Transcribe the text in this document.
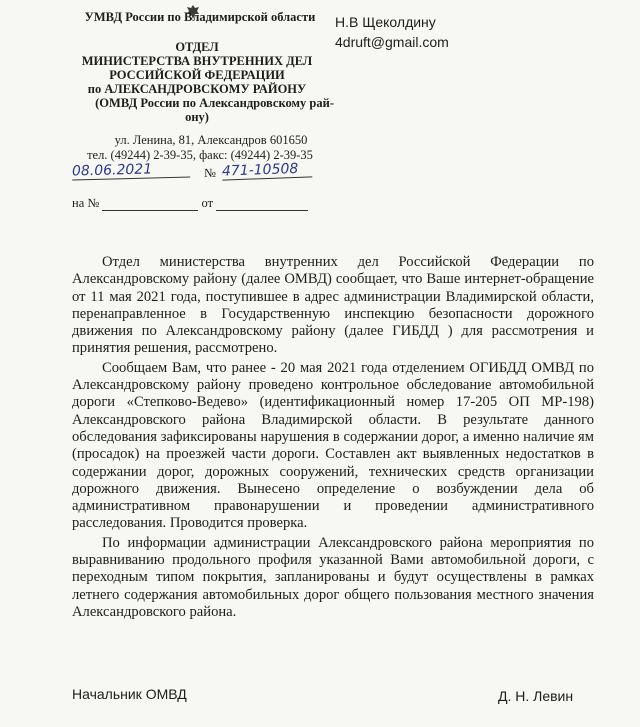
УМВД России по Владимирской области
ОТДЕЛ
МИНИСТЕРСТВА ВНУТРЕННИХ ДЕЛ
РОССИЙСКОЙ ФЕДЕРАЦИИ
по АЛЕКСАНДРОВСКОМУ РАЙОНУ
(ОМВД России по Александровскому рай-
ону)
ул. Ленина, 81, Александров 601650
тел. (49244) 2-39-35, факс: (49244) 2-39-35
Н.В Щеколдину
4druft@gmail.com
08.06.2021	№ 471-10508
на №	от

Отдел министерства внутренних дел Российской Федерации по Александровскому району (далее ОМВД) сообщает, что Ваше интернет-обращение от 11 мая 2021 года, поступившее в адрес администрации Владимирской области, перенаправленное в Государственную инспекцию безопасности дорожного движения по Александровскому району (далее ГИБДД ) для рассмотрения и принятия решения, рассмотрено.

Сообщаем Вам, что ранее - 20 мая 2021 года отделением ОГИБДД ОМВД по Александровскому району проведено контрольное обследование автомобильной дороги «Степково-Ведево» (идентификационный номер 17-205 ОП МР-198) Александровского района Владимирской области. В результате данного обследования зафиксированы нарушения в содержании дорог, а именно наличие ям (просадок) на проезжей части дороги. Составлен акт выявленных недостатков в содержании дорог, дорожных сооружений, технических средств организации дорожного движения. Вынесено определение о возбуждении дела об административном правонарушении и проведении административного расследования. Проводится проверка.

По информации администрации Александровского района мероприятия по выравниванию продольного профиля указанной Вами автомобильной дороги, с переходным типом покрытия, запланированы и будут осуществлены в рамках летнего содержания автомобильных дорог общего пользования местного значения Александровского района.

Начальник ОМВД	Д. Н. Левин
